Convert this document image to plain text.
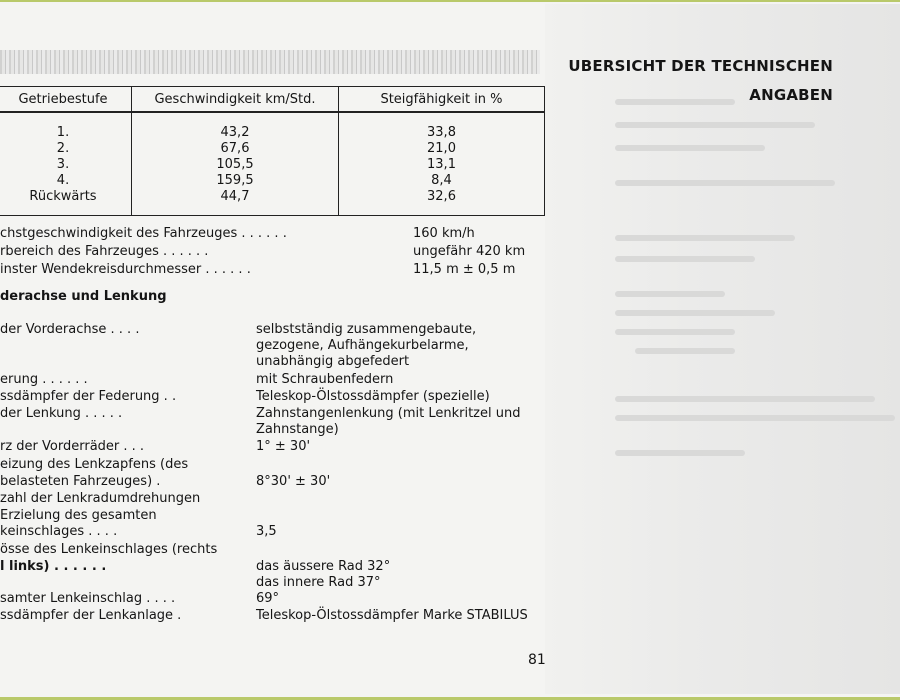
UBERSICHT DER TECHNISCHEN
ANGABEN
Getriebestufe	Geschwindigkeit km/Std.	Steigfähigkeit in %
1.	43,2	33,8
2.	67,6	21,0
3.	105,5	13,1
4.	159,5	8,4
Rückwärts	44,7	32,6
chstgeschwindigkeit des Fahrzeuges . . . . . .	160 km/h
rbereich des Fahrzeuges . . . . . .	ungefähr 420 km
inster Wendekreisdurchmesser . . . . . .	11,5 m ± 0,5 m
derachse und Lenkung
der Vorderachse . . . .	selbstständig zusammengebaute, gezogene, Aufhängekurbelarme, unabhängig abgefedert
erung . . . . . .	mit Schraubenfedern
ssdämpfer der Federung . .	Teleskop-Ölstossdämpfer (spezielle)
der Lenkung . . . . .	Zahnstangenlenkung (mit Lenkritzel und Zahnstange)
rz der Vorderräder . . .	1° ± 30'
eizung des Lenkzapfens (des
belasteten Fahrzeuges) .	8°30' ± 30'
zahl der Lenkradumdrehungen
Erzielung des gesamten
kеinschlages . . . .	3,5
össe des Lenkeinschlages (rechts
l links) . . . . . .	das äussere Rad 32°
das innere Rad 37°
samter Lenkeinschlag . . . .	69°
ssdämpfer der Lenkanlage .	Teleskop-Ölstossdämpfer Marke STABILUS
81
